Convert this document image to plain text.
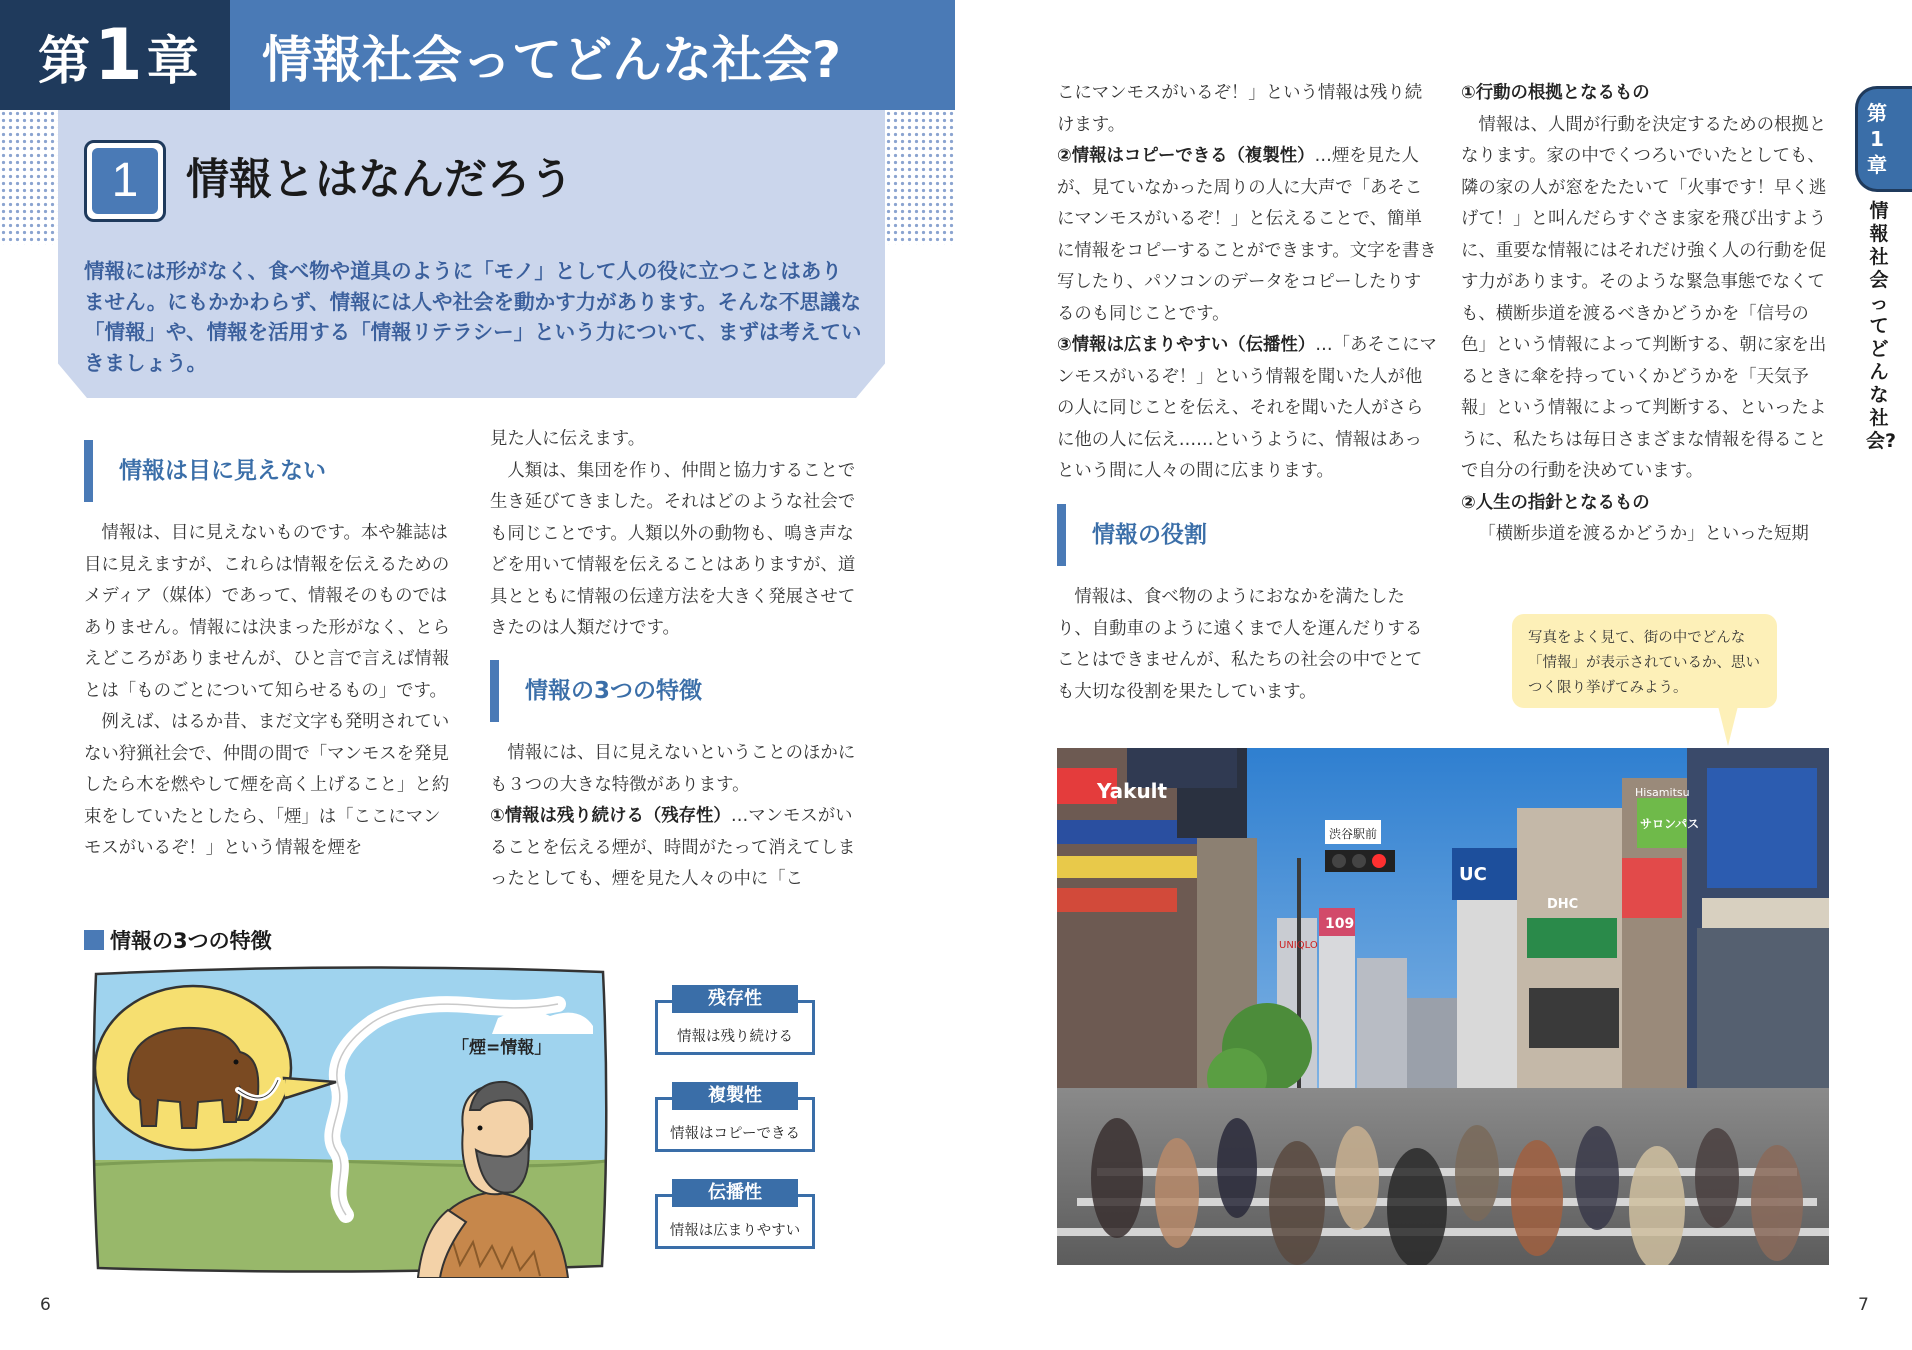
第1章 情報社会ってどんな社会?
1	情報とはなんだろう
情報には形がなく、食べ物や道具のように「モノ」として人の役に立つことはありません。にもかかわらず、情報には人や社会を動かす力があります。そんな不思議な「情報」や、情報を活用する「情報リテラシー」という力について、まずは考えていきましょう。
情報は目に見えない

情報は、目に見えないものです。本や雑誌は目に見えますが、これらは情報を伝えるためのメディア（媒体）であって、情報そのものではありません。情報には決まった形がなく、とらえどころがありませんが、ひと言で言えば情報とは「ものごとについて知らせるもの」です。

例えば、はるか昔、まだ文字も発明されていない狩猟社会で、仲間の間で「マンモスを発見したら木を燃やして煙を高く上げること」と約束をしていたとしたら、「煙」は「ここにマンモスがいるぞ！」という情報を煙を

見た人に伝えます。

人類は、集団を作り、仲間と協力することで生き延びてきました。それはどのような社会でも同じことです。人類以外の動物も、鳴き声などを用いて情報を伝えることはありますが、道具とともに情報の伝達方法を大きく発展させてきたのは人類だけです。

情報の3つの特徴

情報には、目に見えないということのほかにも３つの大きな特徴があります。

①情報は残り続ける（残存性）…マンモスがいることを伝える煙が、時間がたって消えてしまったとしても、煙を見た人々の中に「こ

情報の3つの特徴
「煙=情報」
残存性
情報は残り続ける
複製性
情報はコピーできる
伝播性
情報は広まりやすい
6

こにマンモスがいるぞ！」という情報は残り続けます。

②情報はコピーできる（複製性）…煙を見た人が、見ていなかった周りの人に大声で「あそこにマンモスがいるぞ！」と伝えることで、簡単に情報をコピーすることができます。文字を書き写したり、パソコンのデータをコピーしたりするのも同じことです。

③情報は広まりやすい（伝播性）…「あそこにマンモスがいるぞ！」という情報を聞いた人が他の人に同じことを伝え、それを聞いた人がさらに他の人に伝え……というように、情報はあっという間に人々の間に広まります。

情報の役割

情報は、食べ物のようにおなかを満たしたり、自動車のように遠くまで人を運んだりすることはできませんが、私たちの社会の中でとても大切な役割を果たしています。

①行動の根拠となるもの

情報は、人間が行動を決定するための根拠となります。家の中でくつろいでいたとしても、隣の家の人が窓をたたいて「火事です！早く逃げて！」と叫んだらすぐさま家を飛び出すように、重要な情報にはそれだけ強く人の行動を促す力があります。そのような緊急事態でなくても、横断歩道を渡るべきかどうかを「信号の色」という情報によって判断する、朝に家を出るときに傘を持っていくかどうかを「天気予報」という情報によって判断する、といったように、私たちは毎日さまざまな情報を得ることで自分の行動を決めています。

②人生の指針となるもの

「横断歩道を渡るかどうか」といった短期

写真をよく見て、街の中でどんな「情報」が表示されているか、思いつく限り挙げてみよう。
Yakult
渋谷駅前
UC
DHC
サロンパス
Hisamitsu
UNIQLO
109
第1章
情報社会ってどんな社会?
7
